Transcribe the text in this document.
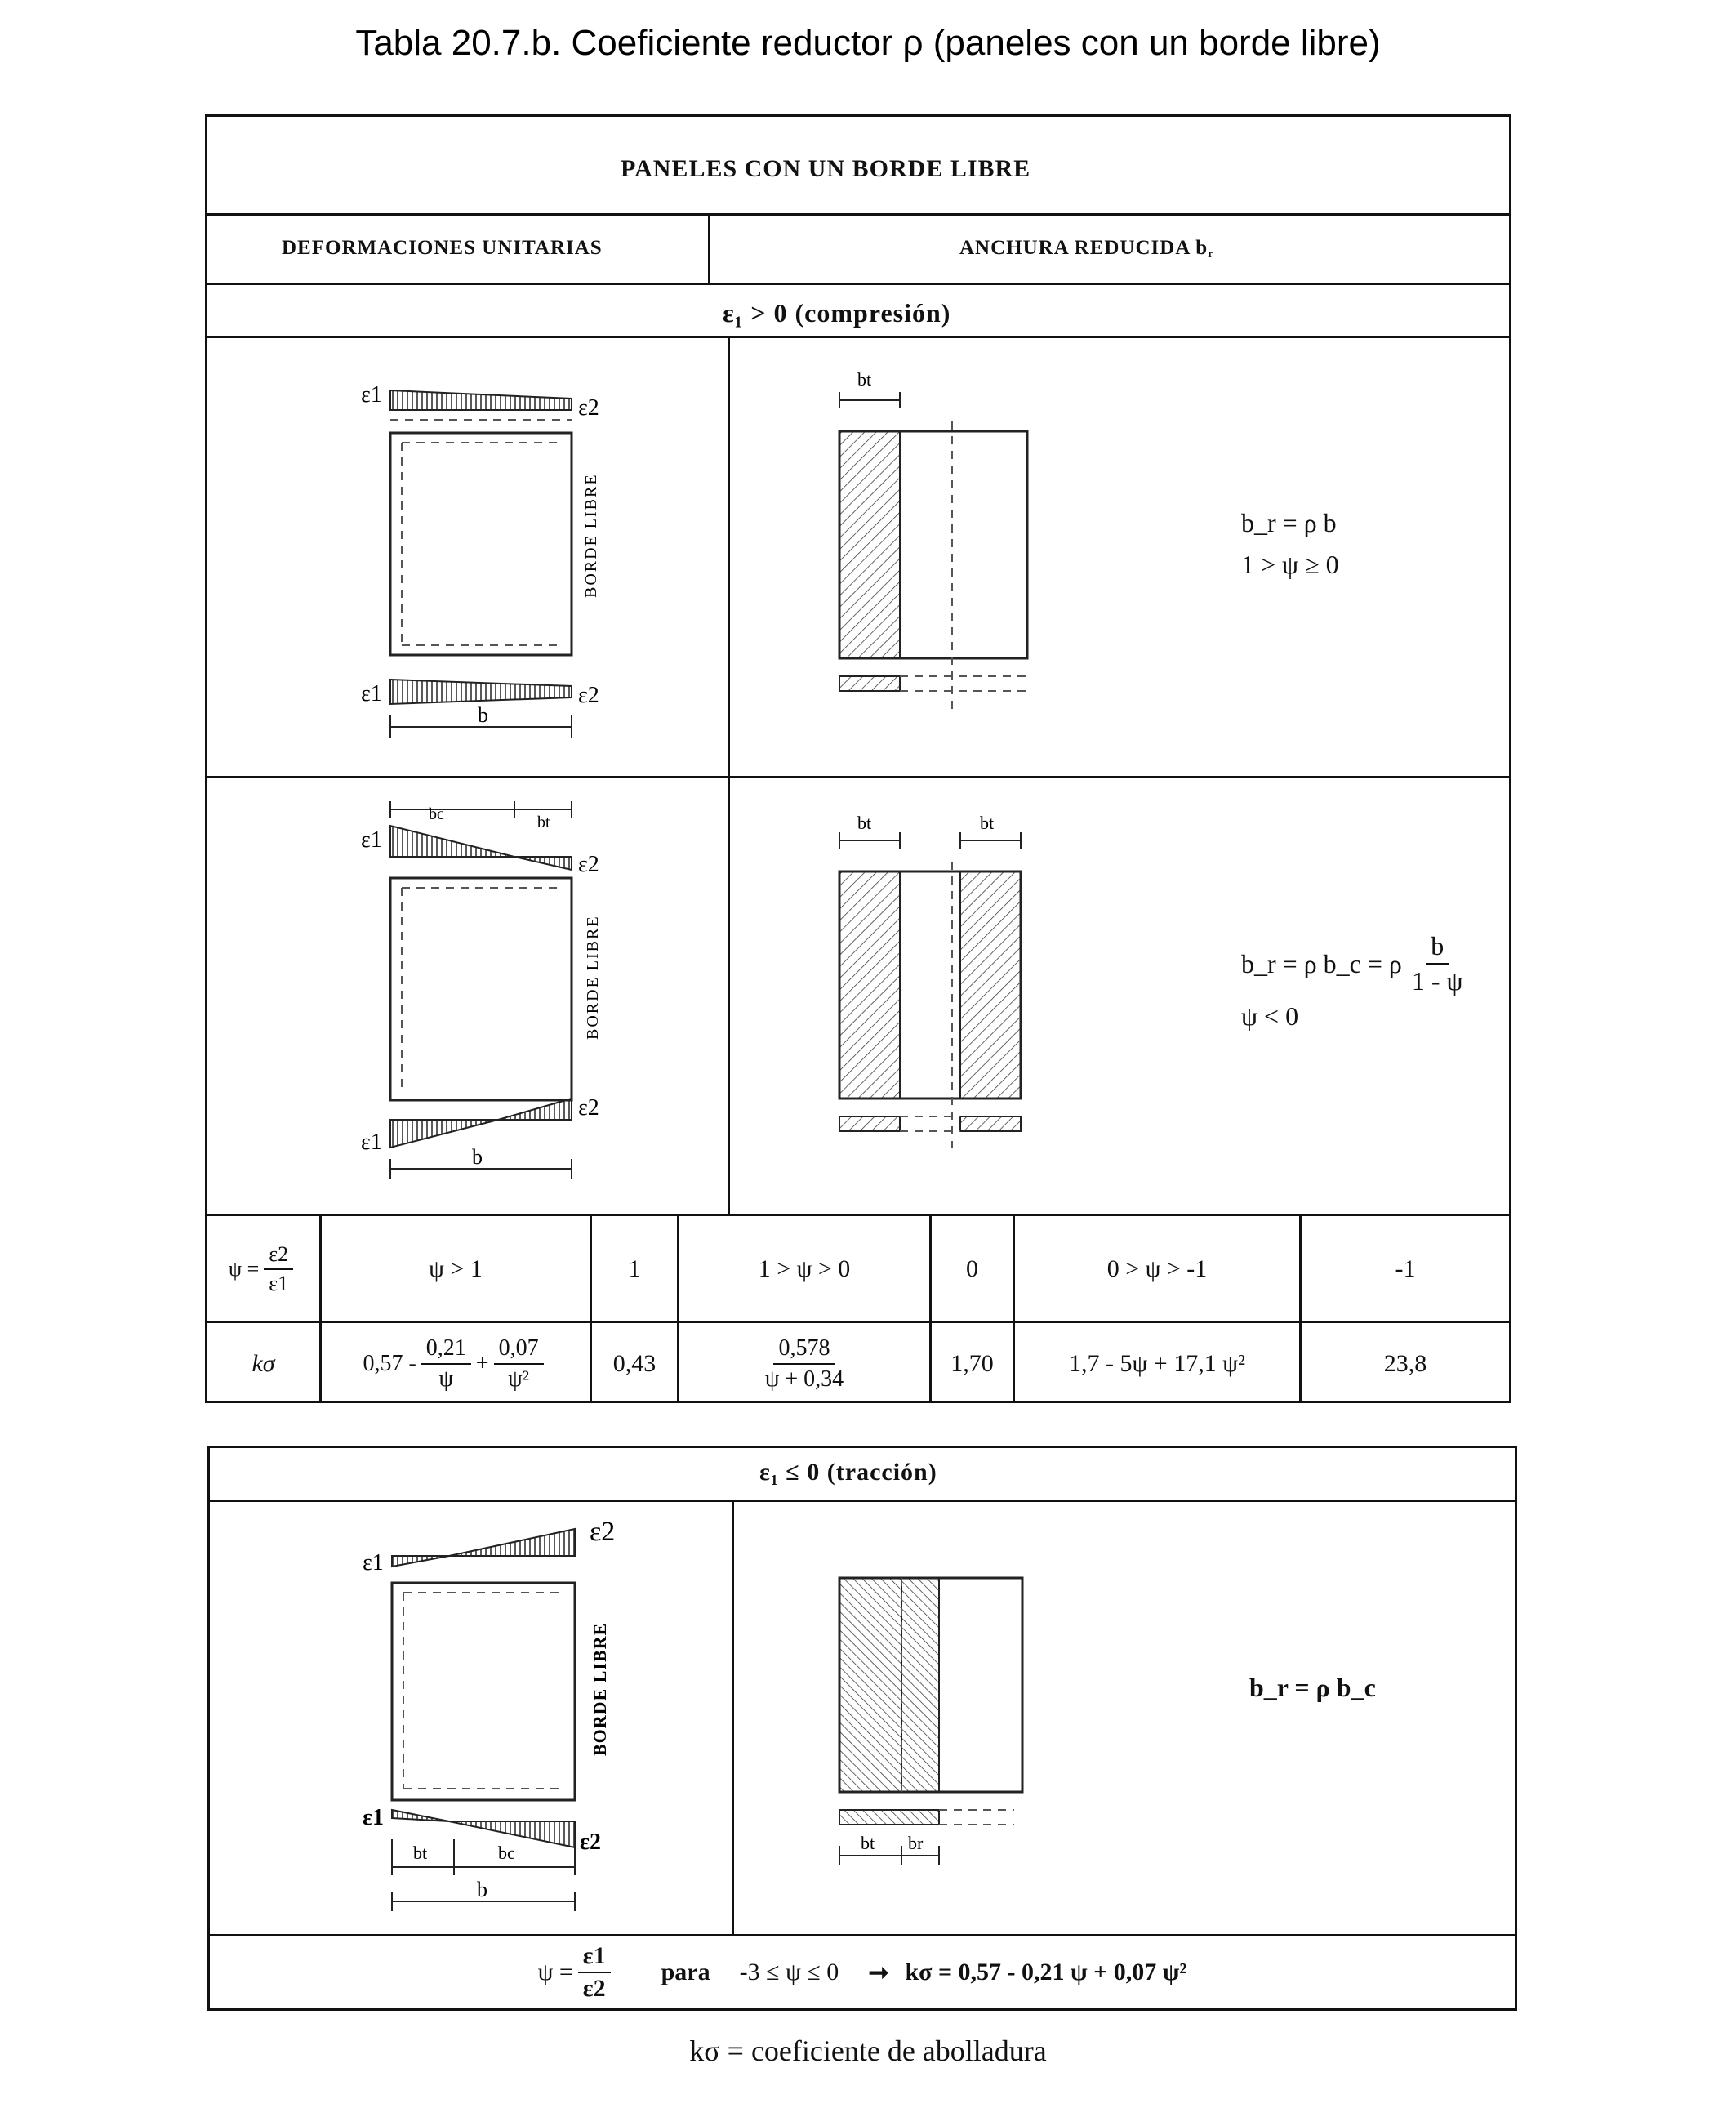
Tabla 20.7.b. Coeficiente reductor ρ (paneles con un borde libre)
PANELES CON UN BORDE LIBRE
DEFORMACIONES UNITARIAS	ANCHURA REDUCIDA $b_r$
ε₁ > 0 (compresión)
ε1
ε2
BORDE LIBRE
ε1	ε2
b
bt
b_r = ρ b
1 > ψ ≥ 0
bc	bt
ε1
ε2
BORDE LIBRE
ε1
ε2
b
bt	bt
b_r = ρ b_c = ρ $\frac{b}{1 - \psi}$
ψ < 0
$\psi = \frac{\varepsilon 2}{\varepsilon 1}$	ψ > 1	1	1 > ψ > 0	0	0 > ψ > -1	-1
kσ	$0,57 - \frac{0,21}{\psi} + \frac{0,07}{\text{ψ²}}$	0,43	$\frac{0,578}{\psi + 0,34}$	1,70	1,7 - 5ψ + 17,1 ψ²	23,8
ε₁ ≤ 0 (tracción)
ε1
ε2
BORDE LIBRE
ε1
ε2
bt	bc
b
bt br
b_r = ρ b_c
$\psi = \frac{\varepsilon 1}{\varepsilon 2}$ para -3 ≤ ψ ≤ 0 ➞ kσ = 0,57 - 0,21 ψ + 0,07 ψ²
kσ = coeficiente de abolladura
